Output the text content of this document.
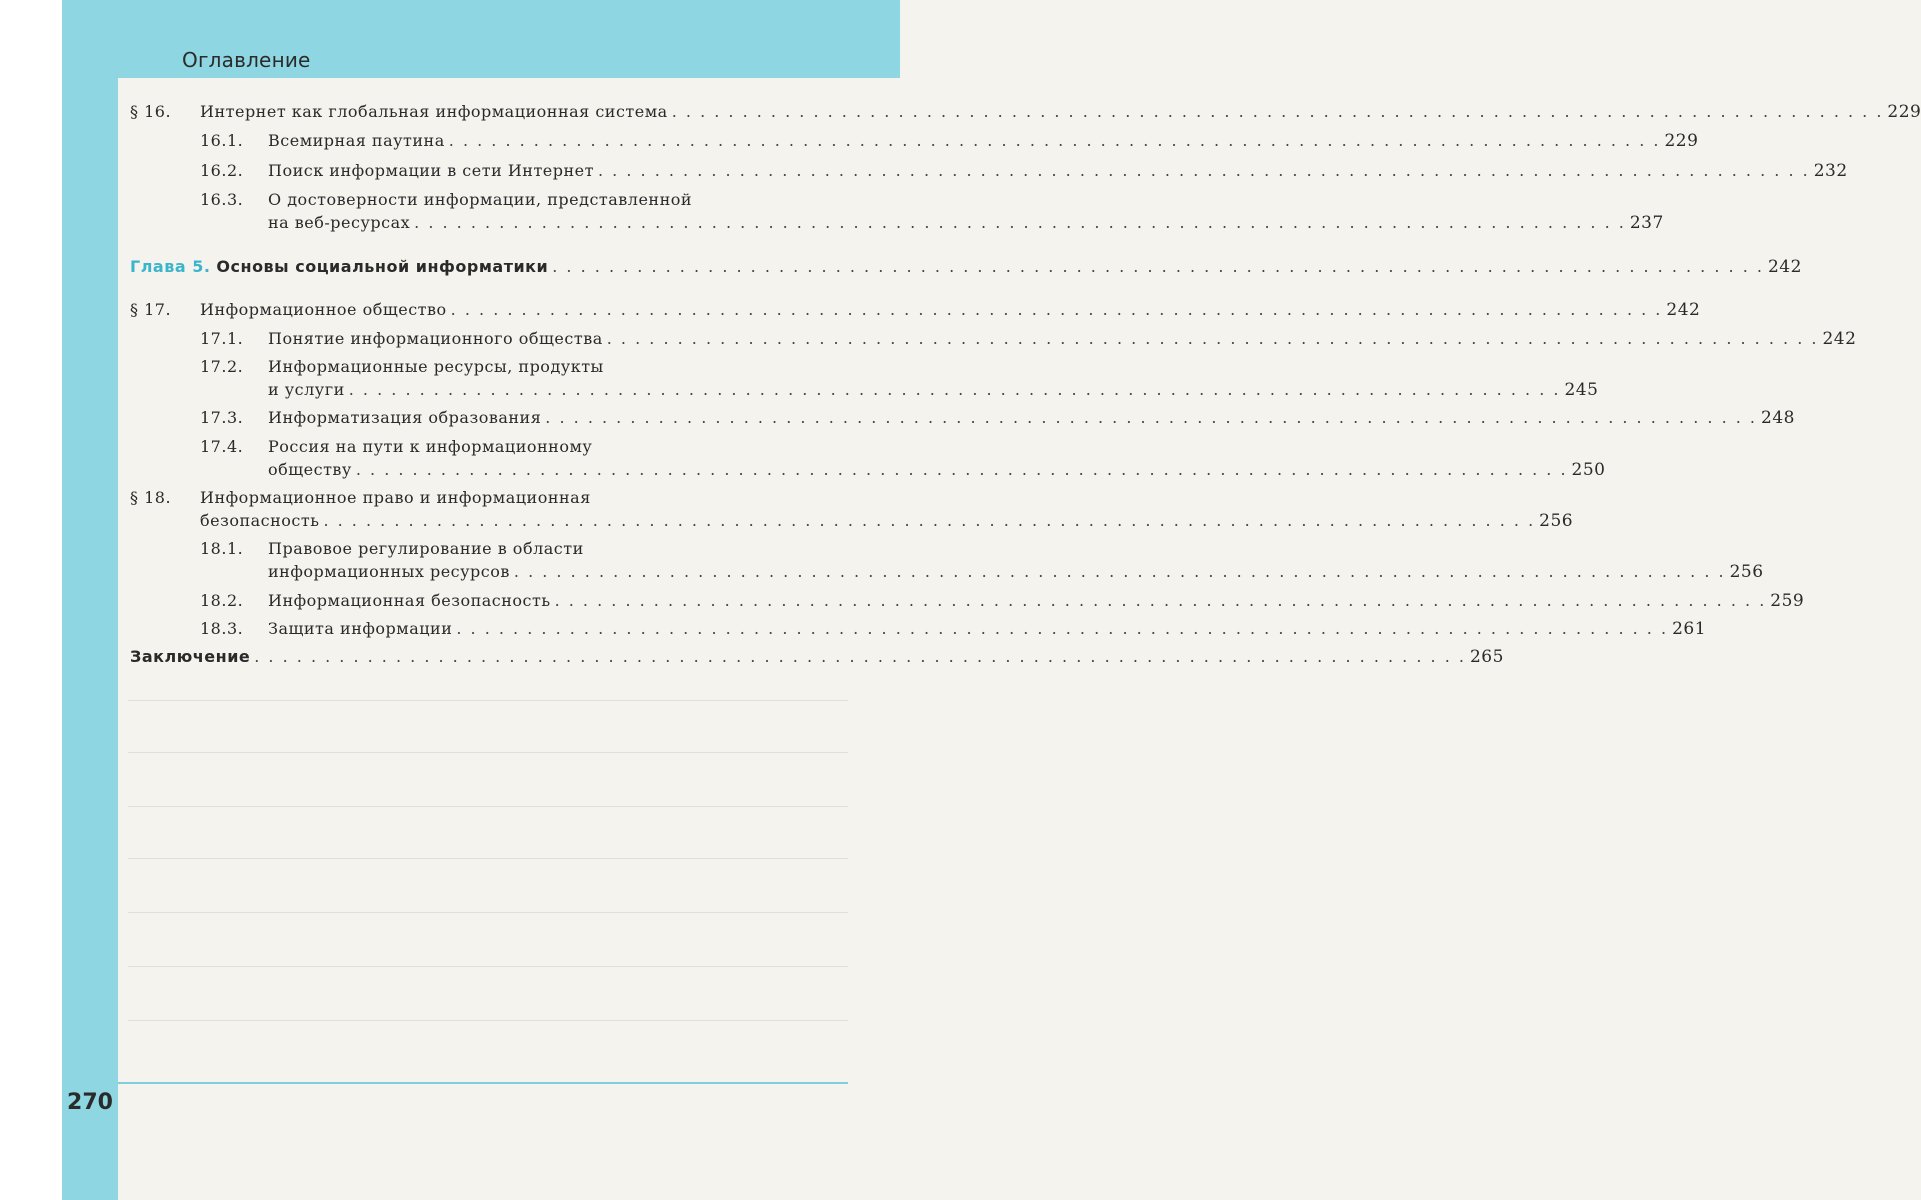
Оглавление
270
§ 16. Интернет как глобальная информационная система . . . . . . . . . . . . . . . . . . . . . . . . . . . . . . . . . . . . . . . . . . . . . . . . . . . . . . . . . . . . . . . . . . . . . . . . . . . . . . . . . . . . . . 229
16.1. Всемирная паутина . . . . . . . . . . . . . . . . . . . . . . . . . . . . . . . . . . . . . . . . . . . . . . . . . . . . . . . . . . . . . . . . . . . . . . . . . . . . . . . . . . . . . . 229
16.2. Поиск информации в сети Интернет . . . . . . . . . . . . . . . . . . . . . . . . . . . . . . . . . . . . . . . . . . . . . . . . . . . . . . . . . . . . . . . . . . . . . . . . . . . . . . . . . . . . . . 232
16.3. О достоверности информации, представленной
на веб-ресурсах . . . . . . . . . . . . . . . . . . . . . . . . . . . . . . . . . . . . . . . . . . . . . . . . . . . . . . . . . . . . . . . . . . . . . . . . . . . . . . . . . . . . . . 237
Глава 5. Основы социальной информатики . . . . . . . . . . . . . . . . . . . . . . . . . . . . . . . . . . . . . . . . . . . . . . . . . . . . . . . . . . . . . . . . . . . . . . . . . . . . . . . . . . . . . . 242
§ 17. Информационное общество . . . . . . . . . . . . . . . . . . . . . . . . . . . . . . . . . . . . . . . . . . . . . . . . . . . . . . . . . . . . . . . . . . . . . . . . . . . . . . . . . . . . . . 242
17.1. Понятие информационного общества . . . . . . . . . . . . . . . . . . . . . . . . . . . . . . . . . . . . . . . . . . . . . . . . . . . . . . . . . . . . . . . . . . . . . . . . . . . . . . . . . . . . . . 242
17.2. Информационные ресурсы, продукты
и услуги . . . . . . . . . . . . . . . . . . . . . . . . . . . . . . . . . . . . . . . . . . . . . . . . . . . . . . . . . . . . . . . . . . . . . . . . . . . . . . . . . . . . . . 245
17.3. Информатизация образования . . . . . . . . . . . . . . . . . . . . . . . . . . . . . . . . . . . . . . . . . . . . . . . . . . . . . . . . . . . . . . . . . . . . . . . . . . . . . . . . . . . . . . 248
17.4. Россия на пути к информационному
обществу . . . . . . . . . . . . . . . . . . . . . . . . . . . . . . . . . . . . . . . . . . . . . . . . . . . . . . . . . . . . . . . . . . . . . . . . . . . . . . . . . . . . . . 250
§ 18. Информационное право и информационная
безопасность . . . . . . . . . . . . . . . . . . . . . . . . . . . . . . . . . . . . . . . . . . . . . . . . . . . . . . . . . . . . . . . . . . . . . . . . . . . . . . . . . . . . . . 256
18.1. Правовое регулирование в области
информационных ресурсов . . . . . . . . . . . . . . . . . . . . . . . . . . . . . . . . . . . . . . . . . . . . . . . . . . . . . . . . . . . . . . . . . . . . . . . . . . . . . . . . . . . . . . 256
18.2. Информационная безопасность . . . . . . . . . . . . . . . . . . . . . . . . . . . . . . . . . . . . . . . . . . . . . . . . . . . . . . . . . . . . . . . . . . . . . . . . . . . . . . . . . . . . . . 259
18.3. Защита информации . . . . . . . . . . . . . . . . . . . . . . . . . . . . . . . . . . . . . . . . . . . . . . . . . . . . . . . . . . . . . . . . . . . . . . . . . . . . . . . . . . . . . . 261
Заключение . . . . . . . . . . . . . . . . . . . . . . . . . . . . . . . . . . . . . . . . . . . . . . . . . . . . . . . . . . . . . . . . . . . . . . . . . . . . . . . . . . . . . . 265
